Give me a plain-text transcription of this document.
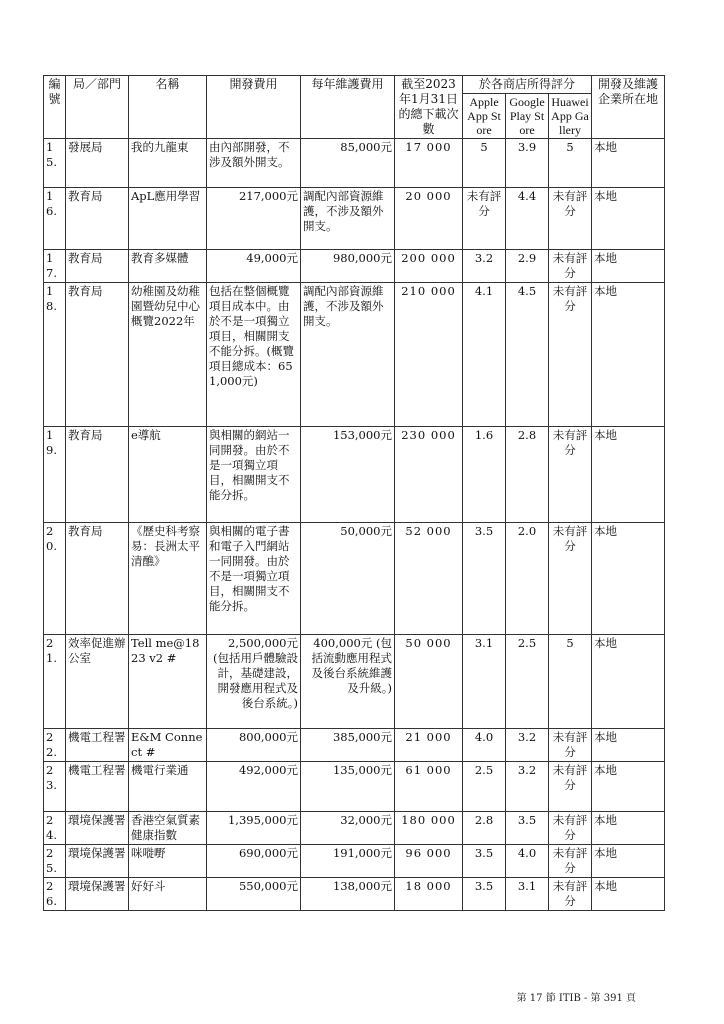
編號	局／部門	名稱	開發費用	每年維護費用	截至2023年1月31日的總下載次數	於各商店所得評分			開發及維護企業所在地
						Apple App Store	Google Play Store	Huawei App Gallery	
15.	發展局	我的九龍東	由內部開發，不涉及額外開支。	85,000元	17 000	5	3.9	5	本地
16.	教育局	ApL應用學習	217,000元	調配內部資源維護，不涉及額外開支。	20 000	未有評分	4.4	未有評分	本地
17.	教育局	教育多媒體	49,000元	980,000元	200 000	3.2	2.9	未有評分	本地
18.	教育局	幼稚園及幼稚園暨幼兒中心概覽2022年	包括在整個概覽項目成本中。由於不是一項獨立項目，相關開支不能分拆。(概覽項目總成本：651,000元)	調配內部資源維護，不涉及額外開支。	210 000	4.1	4.5	未有評分	本地
19.	教育局	e導航	與相關的網站一同開發。由於不是一項獨立項目，相關開支不能分拆。	153,000元	230 000	1.6	2.8	未有評分	本地
20.	教育局	《歷史科考察易：長洲太平清醮》	與相關的電子書和電子入門網站一同開發。由於不是一項獨立項目，相關開支不能分拆。	50,000元	52 000	3.5	2.0	未有評分	本地
21.	效率促進辦公室	Tell me@1823 v2 #	2,500,000元 (包括用戶體驗設計，基礎建設，開發應用程式及後台系統。)	400,000元 (包括流動應用程式及後台系統維護及升級。)	50 000	3.1	2.5	5	本地
22.	機電工程署	E&M Connect #	800,000元	385,000元	21 000	4.0	3.2	未有評分	本地
23.	機電工程署	機電行業通	492,000元	135,000元	61 000	2.5	3.2	未有評分	本地
24.	環境保護署	香港空氣質素健康指數	1,395,000元	32,000元	180 000	2.8	3.5	未有評分	本地
25.	環境保護署	咪嘥嘢	690,000元	191,000元	96 000	3.5	4.0	未有評分	本地
26.	環境保護署	好好斗	550,000元	138,000元	18 000	3.5	3.1	未有評分	本地
第 17 節 ITIB - 第 391 頁
